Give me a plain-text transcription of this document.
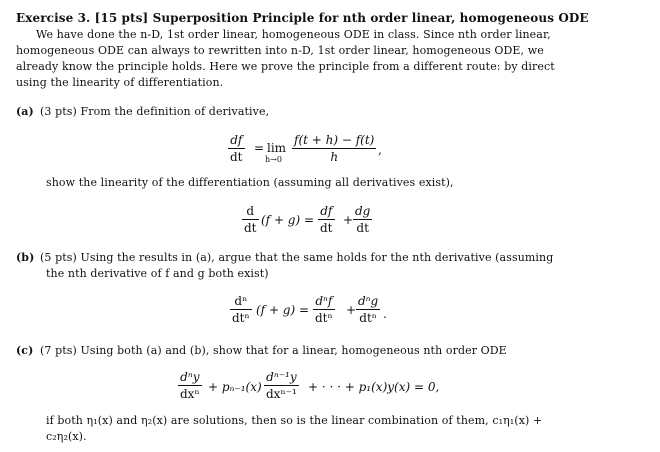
Exercise 3. [15 pts] Superposition Principle for nth order linear, homogeneous ODE
We have done the n-D, 1st order linear, homogeneous ODE in class. Since nth order linear,
homogeneous ODE can always to rewritten into n-D, 1st order linear, homogeneous ODE, we
already know the principle holds. Here we prove the principle from a different route: by direct
using the linearity of differentiation.
(a) (3 pts) From the definition of derivative,
df
dt
= lim
h→0
f(t + h) − f(t)
h	,
show the linearity of the differentiation (assuming all derivatives exist),
d
dt
(f + g) =
df
dt
+
dg
dt
(b) (5 pts) Using the results in (a), argue that the same holds for the nth derivative (assuming
the nth derivative of f and g both exist)
dⁿ
dtⁿ
(f + g) =
dⁿf
dtⁿ
+
dⁿg
dtⁿ .
(c) (7 pts) Using both (a) and (b), show that for a linear, homogeneous nth order ODE
dⁿy
dxⁿ + pₙ₋₁(x)
dⁿ⁻¹y
dxⁿ⁻¹ + · · · + p₁(x)y(x) = 0,
if both η₁(x) and η₂(x) are solutions, then so is the linear combination of them, c₁η₁(x) +
c₂η₂(x).
